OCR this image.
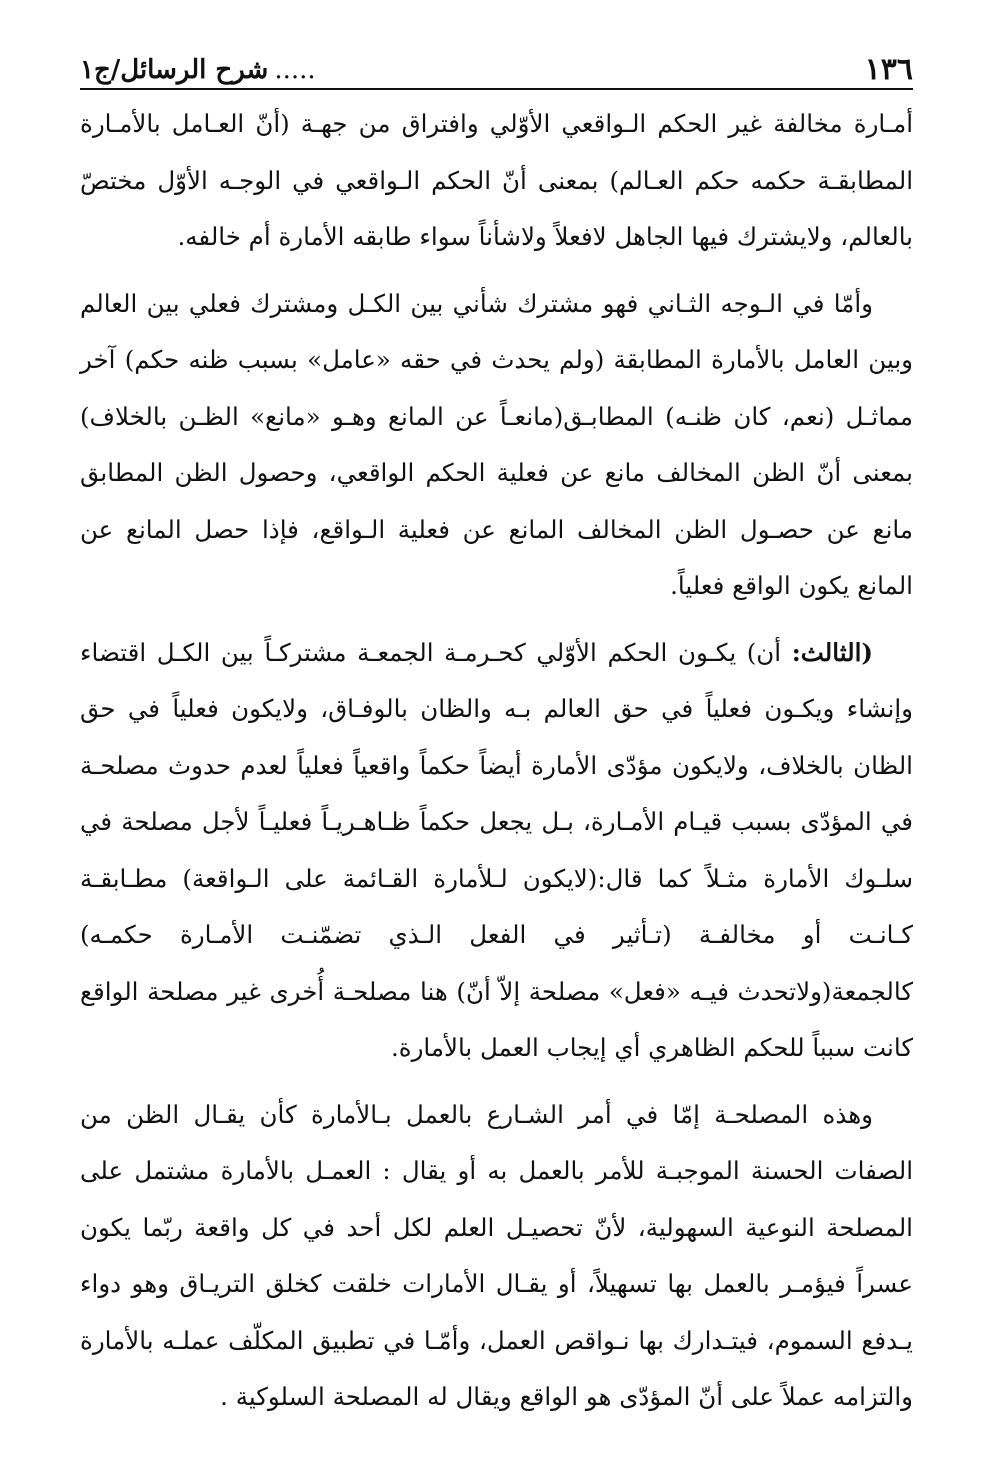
١٣٦
.....شرح الرسائل/ج١

أمـارة مخالفة غير الحكم الـواقعي الأوّلي وافتراق من جهـة (أنّ العـامل بالأمـارة المطابقـة حكمه حكم العـالم) بمعنى أنّ الحكم الـواقعي في الوجـه الأوّل مختصّ بالعالم، ولايشترك فيها الجاهل لافعلاً ولاشأناً سواء طابقه الأمارة أم خالفه.

وأمّا في الـوجه الثـاني فهو مشترك شأني بين الكـل ومشترك فعلي بين العالم وبين العامل بالأمارة المطابقة (ولم يحدث في حقه «عامل» بسبب ظنه حكم) آخر مماثـل (نعم، كان ظنـه) المطابـق(مانعـاً عن المانع وهـو «مانع» الظـن بالخلاف) بمعنى أنّ الظن المخالف مانع عن فعلية الحكم الواقعي، وحصول الظن المطابق مانع عن حصـول الظن المخالف المانع عن فعلية الـواقع، فإذا حصل المانع عن المانع يكون الواقع فعلياً.

(الثالث: أن) يكـون الحكم الأوّلي كحـرمـة الجمعـة مشتركـاً بين الكـل اقتضاء وإنشاء ويكـون فعلياً في حق العالم بـه والظان بالوفـاق، ولايكون فعلياً في حق الظان بالخلاف، ولايكون مؤدّى الأمارة أيضاً حكماً واقعياً فعلياً لعدم حدوث مصلحـة في المؤدّى بسبب قيـام الأمـارة، بـل يجعل حكماً ظـاهـريـاً فعليـاً لأجل مصلحة في سلـوك الأمارة مثـلاً كما قال:(لايكون لـلأمارة القـائمة على الـواقعة) مطـابقـة كـانـت أو مخالفـة (تـأثير في الفعل الـذي تضمّنـت الأمـارة حكمـه) كالجمعة(ولاتحدث فيـه «فعل» مصلحة إلاّ أنّ) هنا مصلحـة أُخرى غير مصلحة الواقع كانت سبباً للحكم الظاهري أي إيجاب العمل بالأمارة.

وهذه المصلحـة إمّا في أمر الشـارع بالعمل بـالأمارة كأن يقـال الظن من الصفات الحسنة الموجبـة للأمر بالعمل به أو يقال : العمـل بالأمارة مشتمل على المصلحة النوعية السهولية، لأنّ تحصيـل العلم لكل أحد في كل واقعة ربّما يكون عسراً فيؤمـر بالعمل بها تسهيلاً، أو يقـال الأمارات خلقت كخلق التريـاق وهو دواء يـدفع السموم، فيتـدارك بها نـواقص العمل، وأمّـا في تطبيق المكلّف عملـه بالأمارة والتزامه عملاً على أنّ المؤدّى هو الواقع ويقال له المصلحة السلوكية .
